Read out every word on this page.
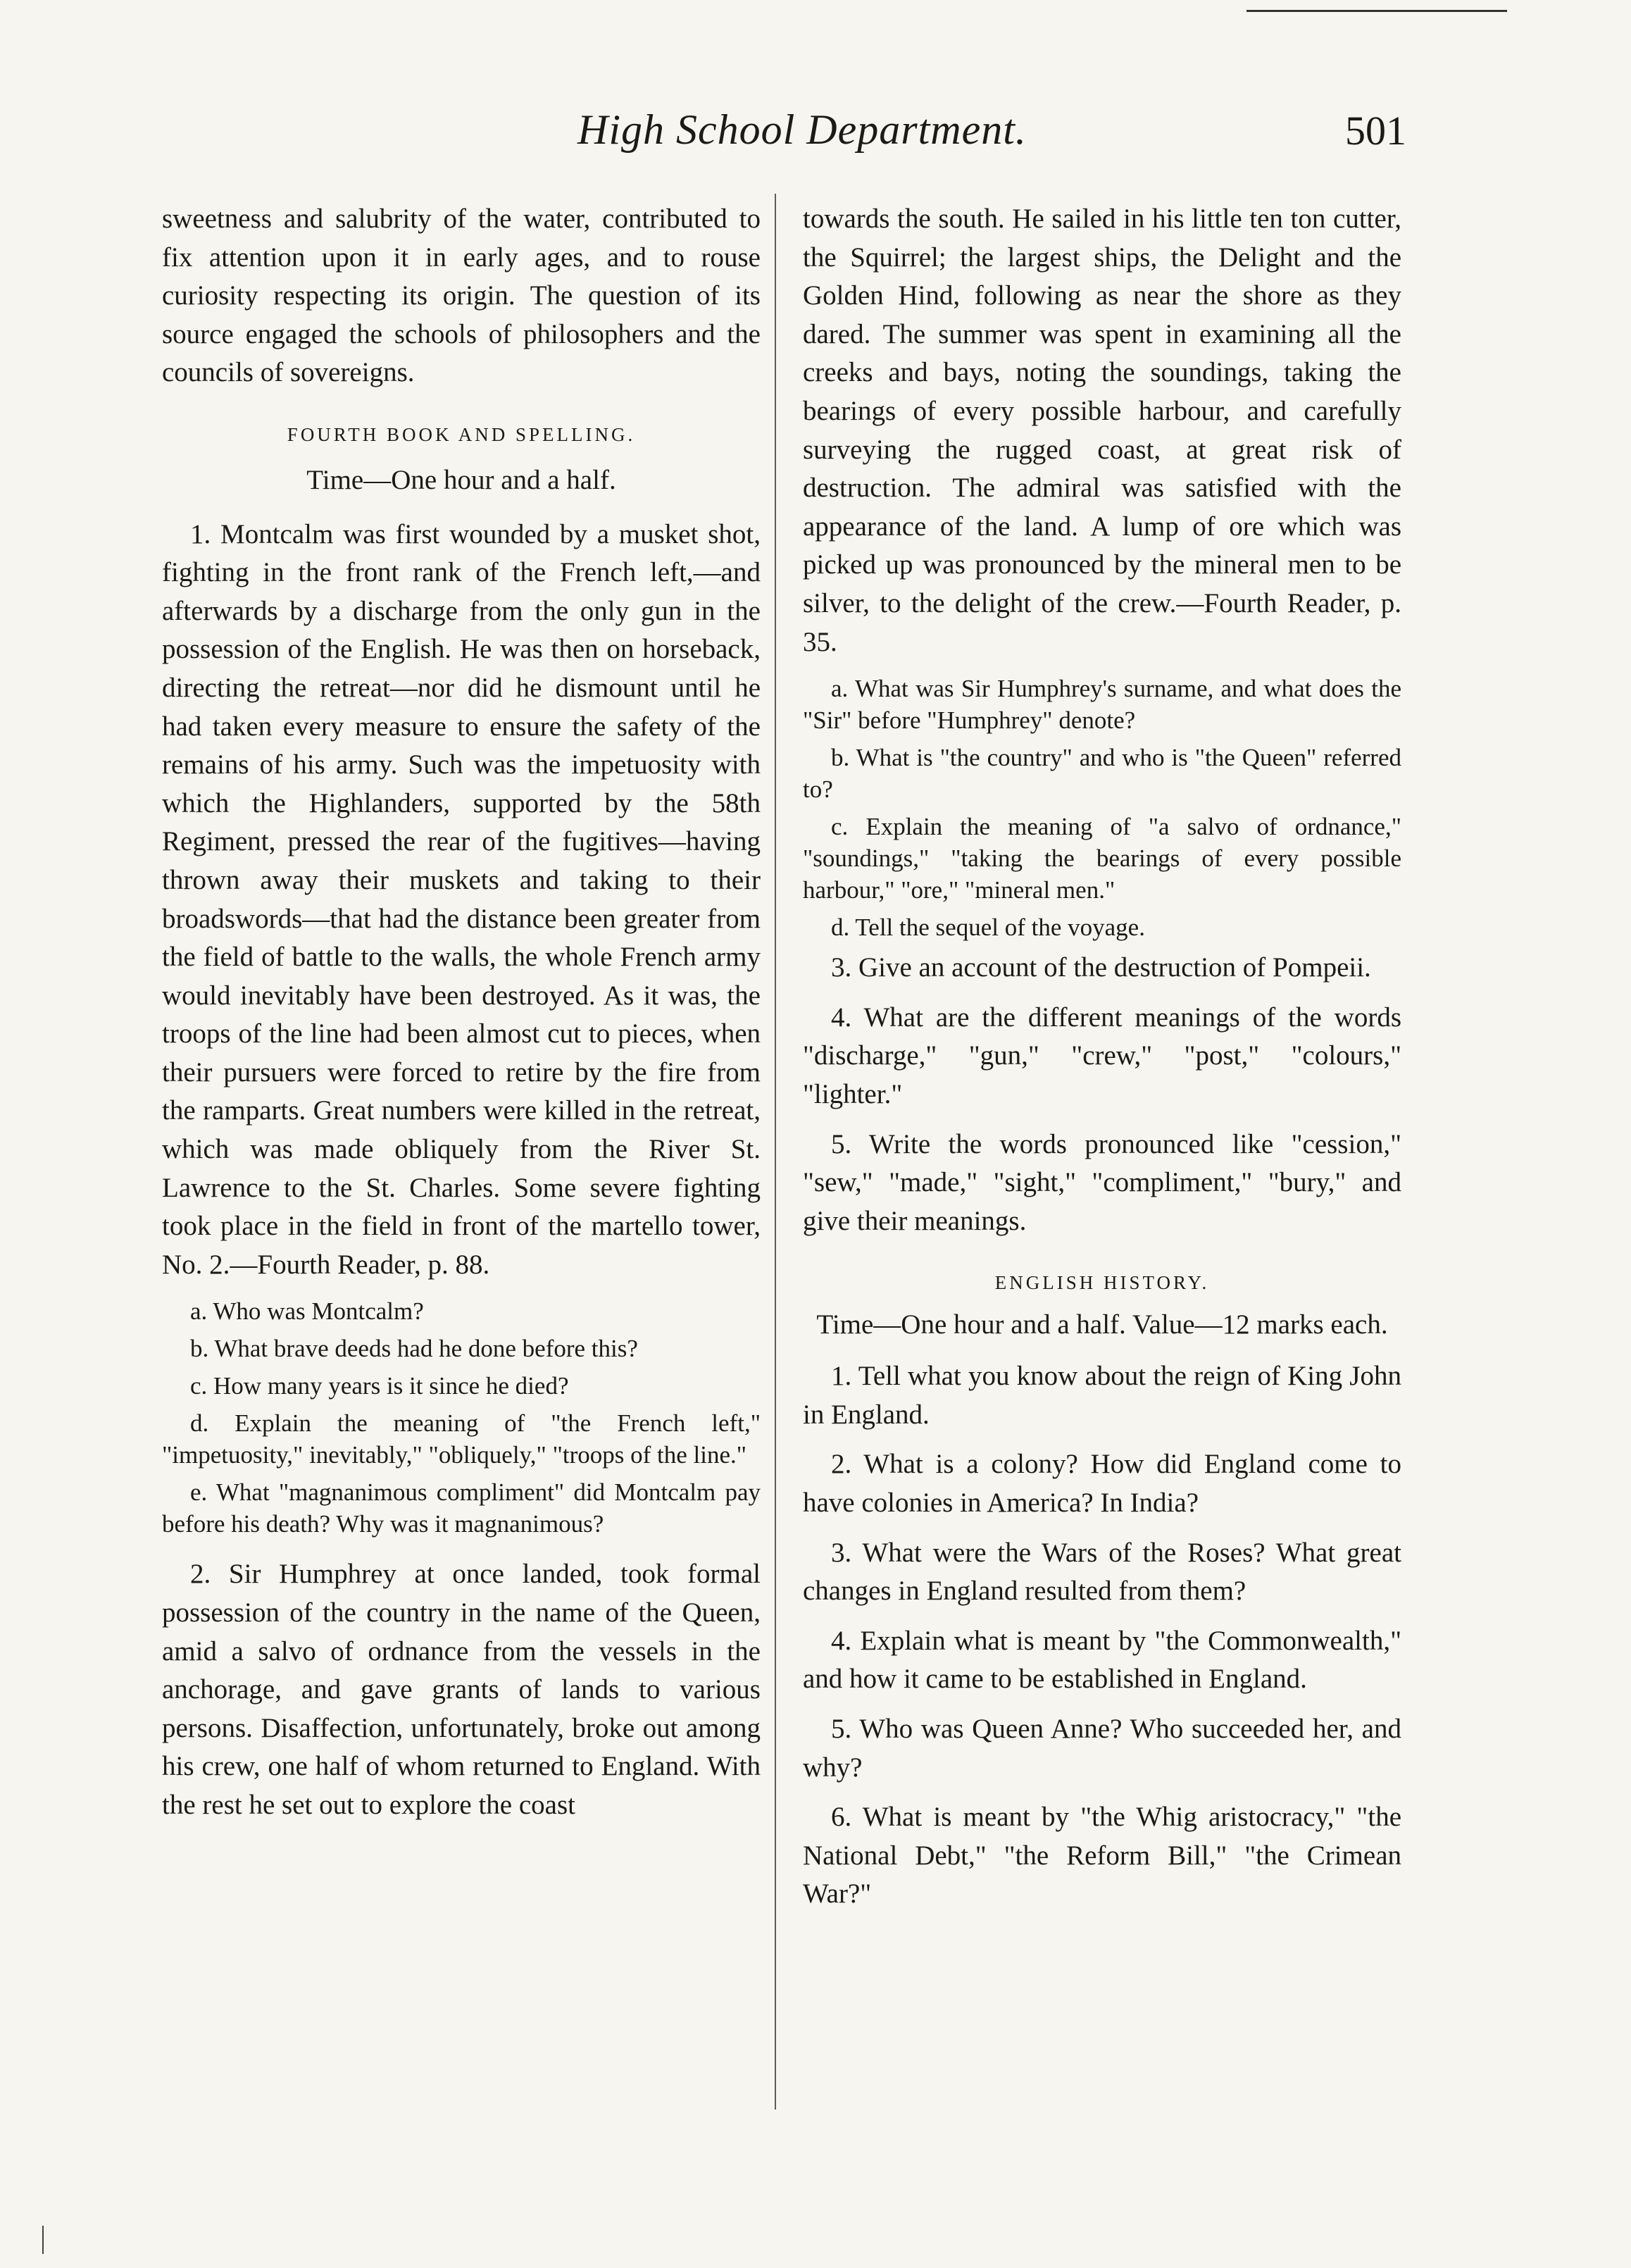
High School Department.	501

sweetness and salubrity of the water, contributed to fix attention upon it in early ages, and to rouse curiosity respecting its origin. The question of its source engaged the schools of philosophers and the councils of sovereigns.

FOURTH BOOK AND SPELLING.
Time—One hour and a half.

1. Montcalm was first wounded by a musket shot, fighting in the front rank of the French left,—and afterwards by a discharge from the only gun in the possession of the English. He was then on horseback, directing the retreat—nor did he dismount until he had taken every measure to ensure the safety of the remains of his army. Such was the impetuosity with which the Highlanders, supported by the 58th Regiment, pressed the rear of the fugitives—having thrown away their muskets and taking to their broadswords—that had the distance been greater from the field of battle to the walls, the whole French army would inevitably have been destroyed. As it was, the troops of the line had been almost cut to pieces, when their pursuers were forced to retire by the fire from the ramparts. Great numbers were killed in the retreat, which was made obliquely from the River St. Lawrence to the St. Charles. Some severe fighting took place in the field in front of the martello tower, No. 2.—Fourth Reader, p. 88.

a. Who was Montcalm?

b. What brave deeds had he done before this?

c. How many years is it since he died?

d. Explain the meaning of "the French left," "impetuosity," inevitably," "obliquely," "troops of the line."

e. What "magnanimous compliment" did Montcalm pay before his death? Why was it magnanimous?

2. Sir Humphrey at once landed, took formal possession of the country in the name of the Queen, amid a salvo of ordnance from the vessels in the anchorage, and gave grants of lands to various persons. Disaffection, unfortunately, broke out among his crew, one half of whom returned to England. With the rest he set out to explore the coast

towards the south. He sailed in his little ten ton cutter, the Squirrel; the largest ships, the Delight and the Golden Hind, following as near the shore as they dared. The summer was spent in examining all the creeks and bays, noting the soundings, taking the bearings of every possible harbour, and carefully surveying the rugged coast, at great risk of destruction. The admiral was satisfied with the appearance of the land. A lump of ore which was picked up was pronounced by the mineral men to be silver, to the delight of the crew.—Fourth Reader, p. 35.

a. What was Sir Humphrey's surname, and what does the "Sir" before "Humphrey" denote?

b. What is "the country" and who is "the Queen" referred to?

c. Explain the meaning of "a salvo of ordnance," "soundings," "taking the bearings of every possible harbour," "ore," "mineral men."

d. Tell the sequel of the voyage.

3. Give an account of the destruction of Pompeii.

4. What are the different meanings of the words "discharge," "gun," "crew," "post," "colours," "lighter."

5. Write the words pronounced like "cession," "sew," "made," "sight," "compliment," "bury," and give their meanings.

ENGLISH HISTORY.
Time—One hour and a half. Value—12 marks each.

1. Tell what you know about the reign of King John in England.

2. What is a colony? How did England come to have colonies in America? In India?

3. What were the Wars of the Roses? What great changes in England resulted from them?

4. Explain what is meant by "the Commonwealth," and how it came to be established in England.

5. Who was Queen Anne? Who succeeded her, and why?

6. What is meant by "the Whig aristocracy," "the National Debt," "the Reform Bill," "the Crimean War?"
